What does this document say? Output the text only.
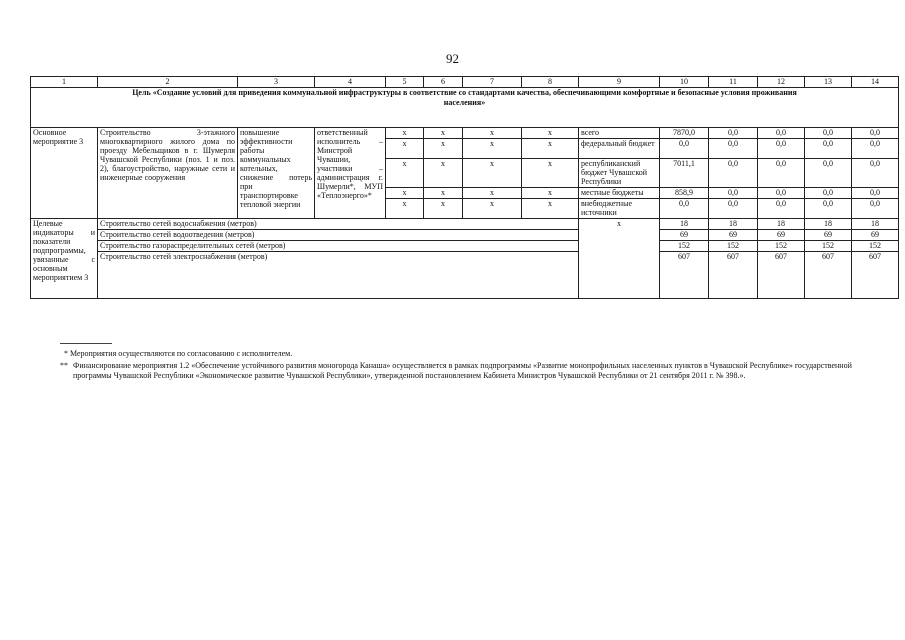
92
1	2	3	4	5	6	7	8	9	10	11	12	13	14

Цель «Создание условий для приведения коммунальной инфраструктуры в соответствие со стандартами качества, обеспечивающими комфортные и безопасные условия проживания населения»													

Основное мероприятие 3	Строительство 3-этажного многоквартирного жилого дома по проезду Мебельщиков в г. Шумерля Чувашской Республики (поз. 1 и поз. 2), благоустройство, наружные сети и инженерные сооружения	повышение эффективности работы коммунальных котельных, снижение потерь при транспортировке тепловой энергии	ответственный исполнитель – Минстрой Чувашии, участники – администрация г. Шумерли*, МУП «Теплоэнерго»*	x	x	x	x	всего	7870,0	0,0	0,0	0,0	0,0
				x	x	x	x	федеральный бюджет	0,0	0,0	0,0	0,0	0,0
				x	x	x	x	республиканский бюджет Чувашской Республики	7011,1	0,0	0,0	0,0	0,0
				x	x	x	x	местные бюджеты	858,9	0,0	0,0	0,0	0,0
				x	x	x	x	внебюджетные источники	0,0	0,0	0,0	0,0	0,0
Целевые индикаторы и показатели подпрограммы, увязанные с основным мероприятием 3	Строительство сетей водоснабжения (метров)							x	18	18	18	18	18
	Строительство сетей водоотведения (метров)								69	69	69	69	69
	Строительство газораспределительных сетей (метров)								152	152	152	152	152
	Строительство сетей электроснабжения (метров)								607	607	607	607	607
* Мероприятия осуществляются по согласованию с исполнителем.
** Финансирование мероприятия 1.2 «Обеспечение устойчивого развития моногорода Канаша» осуществляется в рамках подпрограммы «Развитие монопрофильных населенных пунктов в Чувашской Республике» государственной программы Чувашской Республики «Экономическое развитие Чувашской Республики», утвержденной постановлением Кабинета Министров Чувашской Республики от 21 сентября 2011 г. № 398.».
